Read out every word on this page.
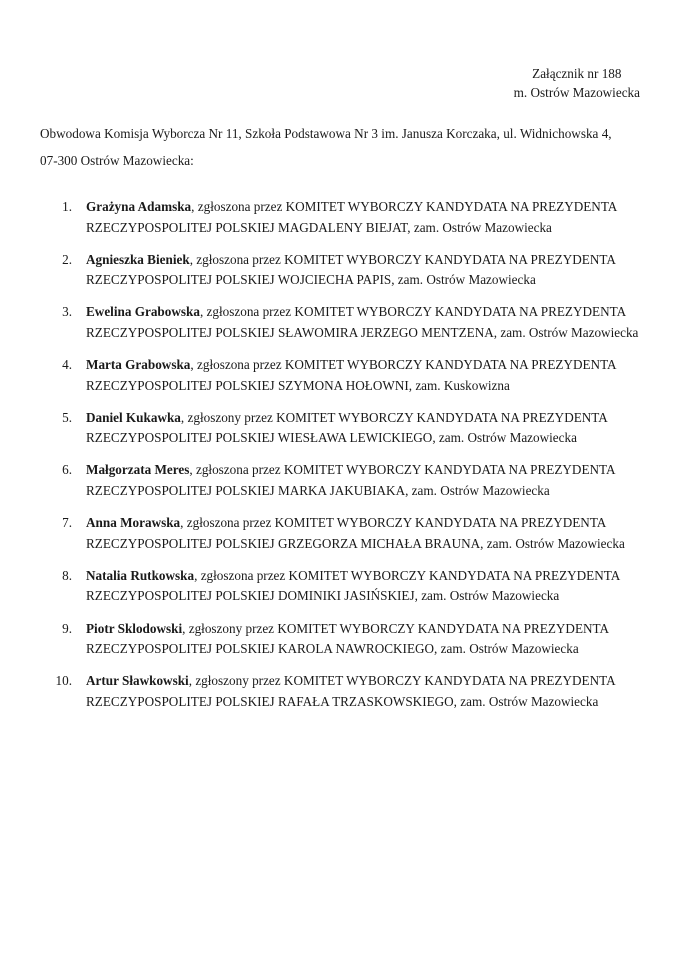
Załącznik nr 188
m. Ostrów Mazowiecka
Obwodowa Komisja Wyborcza Nr 11, Szkoła Podstawowa Nr 3 im. Janusza Korczaka, ul. Widnichowska 4,
07-300 Ostrów Mazowiecka:
1. Grażyna Adamska, zgłoszona przez KOMITET WYBORCZY KANDYDATA NA PREZYDENTA RZECZYPOSPOLITEJ POLSKIEJ MAGDALENY BIEJAT, zam. Ostrów Mazowiecka
2. Agnieszka Bieniek, zgłoszona przez KOMITET WYBORCZY KANDYDATA NA PREZYDENTA RZECZYPOSPOLITEJ POLSKIEJ WOJCIECHA PAPIS, zam. Ostrów Mazowiecka
3. Ewelina Grabowska, zgłoszona przez KOMITET WYBORCZY KANDYDATA NA PREZYDENTA RZECZYPOSPOLITEJ POLSKIEJ SŁAWOMIRA JERZEGO MENTZENA, zam. Ostrów Mazowiecka
4. Marta Grabowska, zgłoszona przez KOMITET WYBORCZY KANDYDATA NA PREZYDENTA RZECZYPOSPOLITEJ POLSKIEJ SZYMONA HOŁOWNI, zam. Kuskowizna
5. Daniel Kukawka, zgłoszony przez KOMITET WYBORCZY KANDYDATA NA PREZYDENTA RZECZYPOSPOLITEJ POLSKIEJ WIESŁAWA LEWICKIEGO, zam. Ostrów Mazowiecka
6. Małgorzata Meres, zgłoszona przez KOMITET WYBORCZY KANDYDATA NA PREZYDENTA RZECZYPOSPOLITEJ POLSKIEJ MARKA JAKUBIAKA, zam. Ostrów Mazowiecka
7. Anna Morawska, zgłoszona przez KOMITET WYBORCZY KANDYDATA NA PREZYDENTA RZECZYPOSPOLITEJ POLSKIEJ GRZEGORZA MICHAŁA BRAUNA, zam. Ostrów Mazowiecka
8. Natalia Rutkowska, zgłoszona przez KOMITET WYBORCZY KANDYDATA NA PREZYDENTA RZECZYPOSPOLITEJ POLSKIEJ DOMINIKI JASIŃSKIEJ, zam. Ostrów Mazowiecka
9. Piotr Sklodowski, zgłoszony przez KOMITET WYBORCZY KANDYDATA NA PREZYDENTA RZECZYPOSPOLITEJ POLSKIEJ KAROLA NAWROCKIEGO, zam. Ostrów Mazowiecka
10. Artur Sławkowski, zgłoszony przez KOMITET WYBORCZY KANDYDATA NA PREZYDENTA RZECZYPOSPOLITEJ POLSKIEJ RAFAŁA TRZASKOWSKIEGO, zam. Ostrów Mazowiecka
